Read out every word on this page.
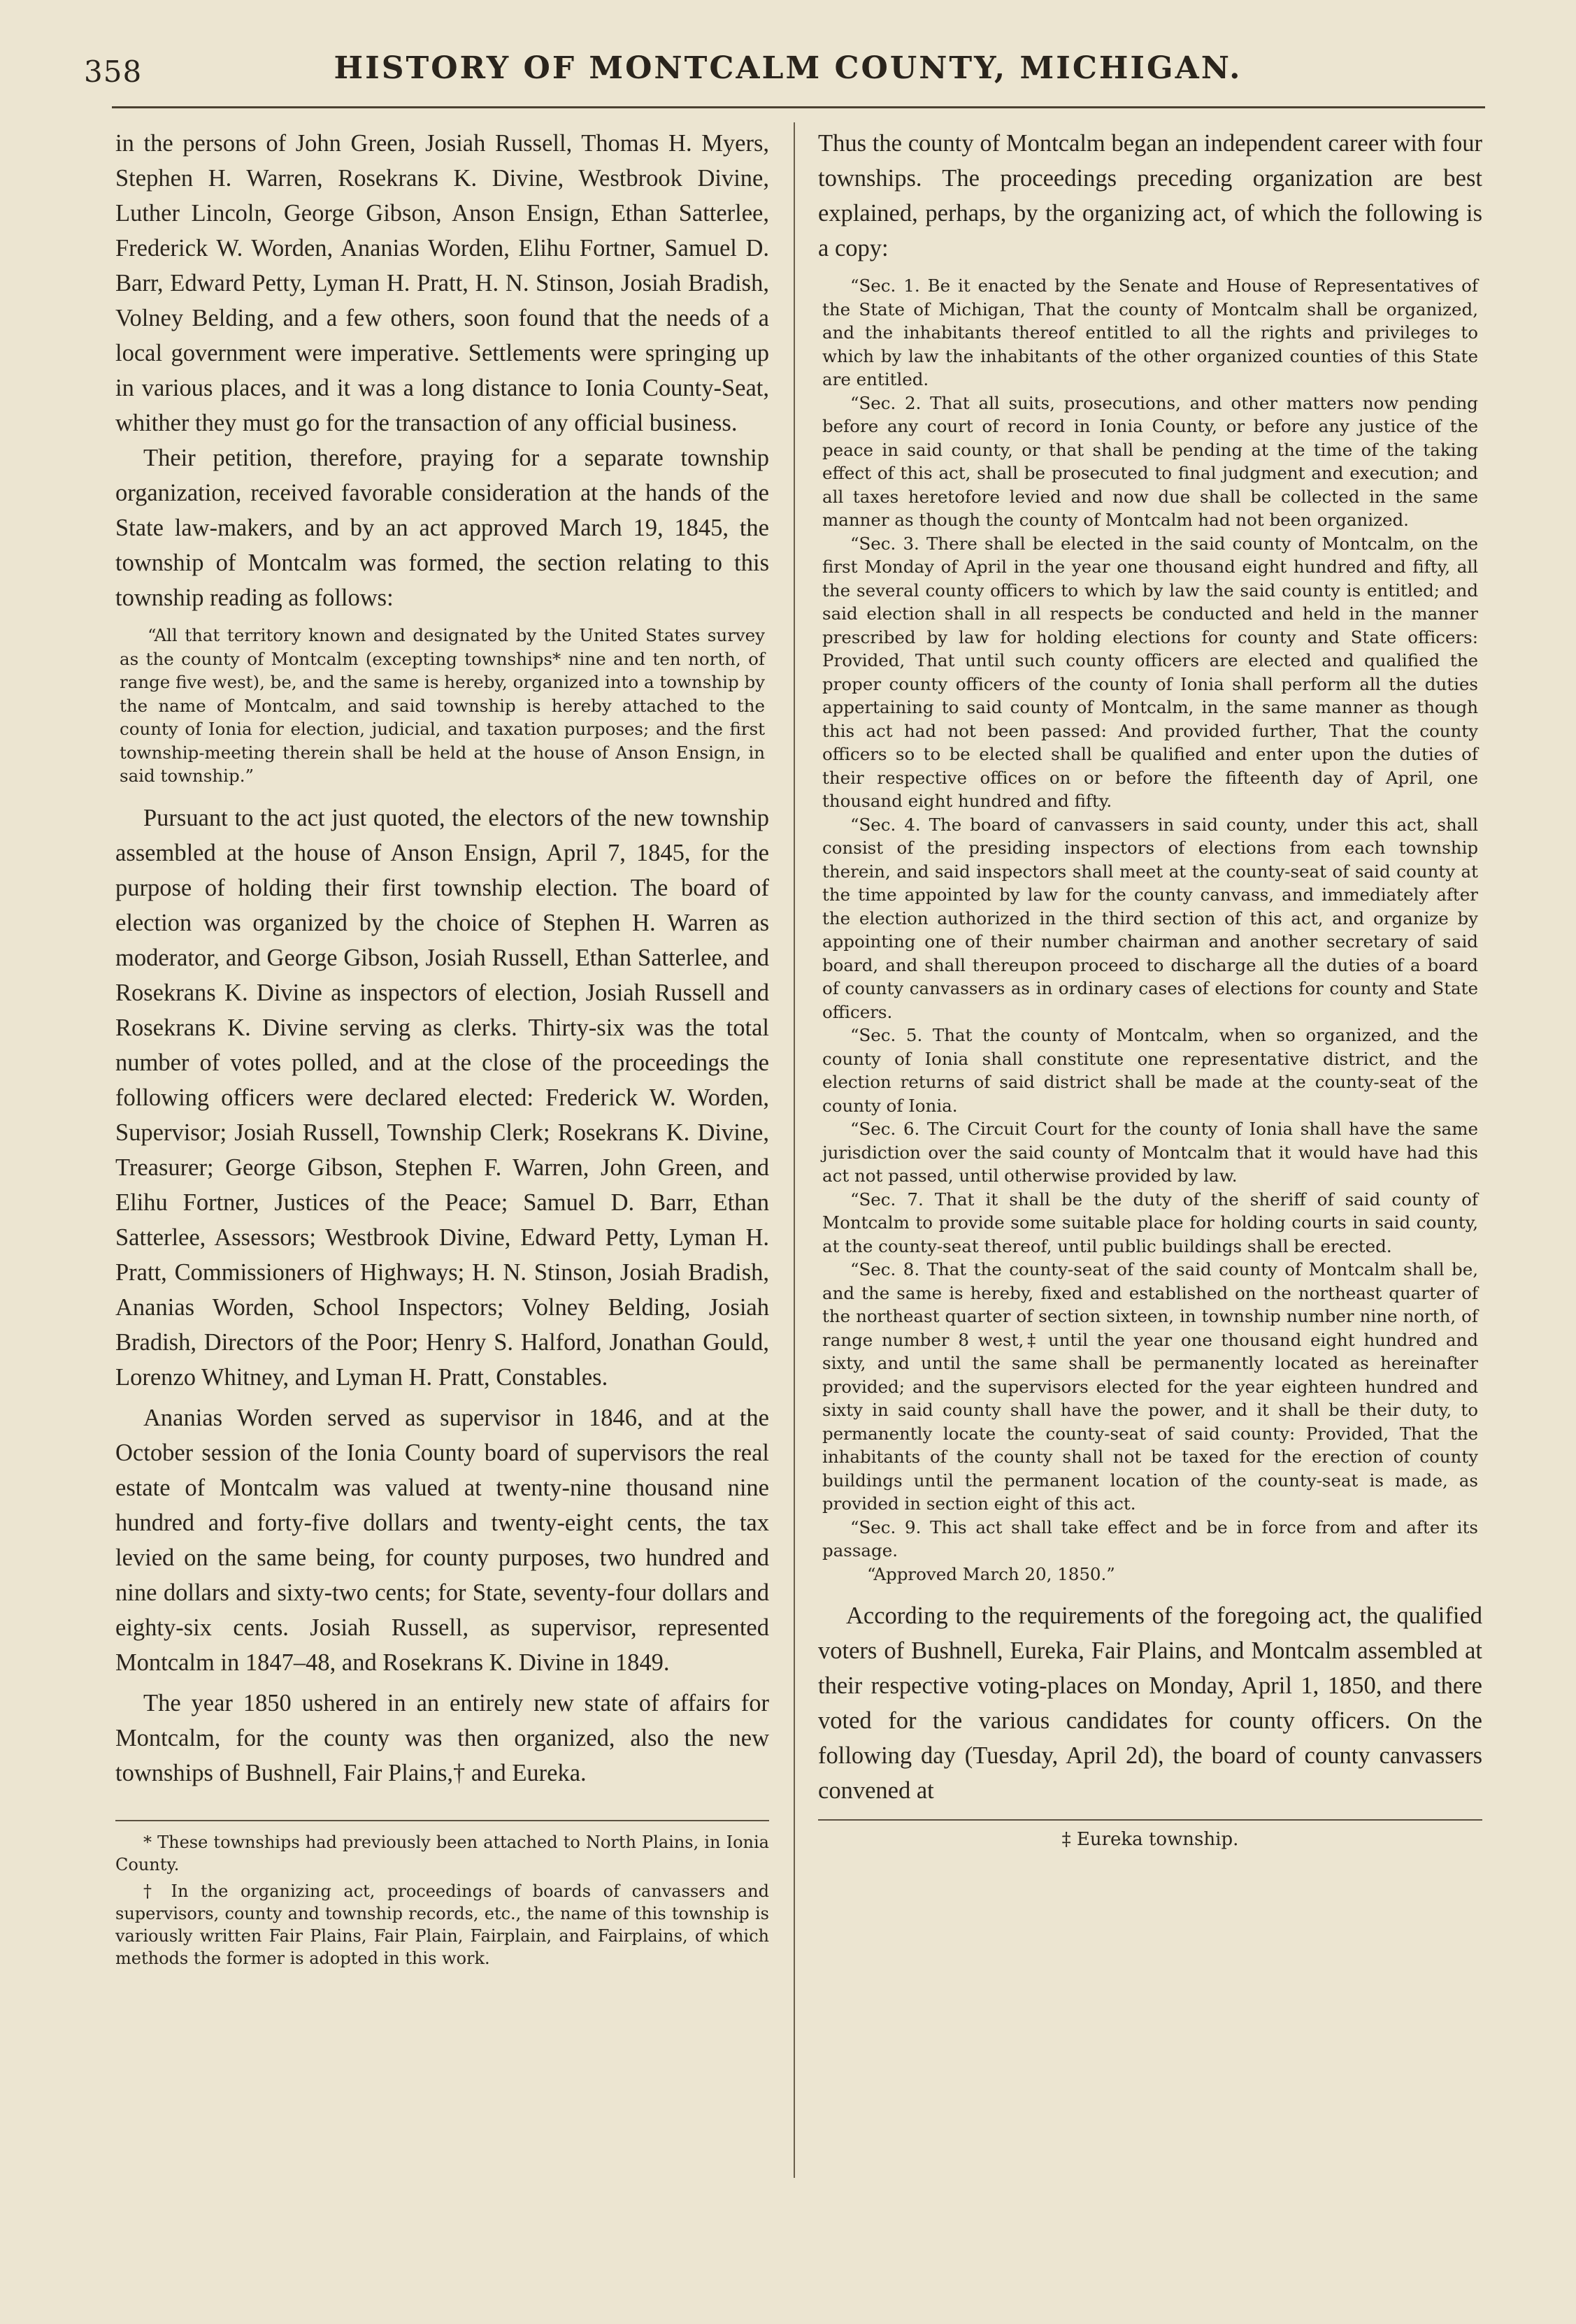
358	HISTORY OF MONTCALM COUNTY, MICHIGAN.

in the persons of John Green, Josiah Russell, Thomas H. Myers, Stephen H. Warren, Rosekrans K. Divine, Westbrook Divine, Luther Lincoln, George Gibson, Anson Ensign, Ethan Satterlee, Frederick W. Worden, Ananias Worden, Elihu Fortner, Samuel D. Barr, Edward Petty, Lyman H. Pratt, H. N. Stinson, Josiah Bradish, Volney Belding, and a few others, soon found that the needs of a local government were imperative. Settlements were springing up in various places, and it was a long distance to Ionia County-Seat, whither they must go for the transaction of any official business.

Their petition, therefore, praying for a separate township organization, received favorable consideration at the hands of the State law-makers, and by an act approved March 19, 1845, the township of Montcalm was formed, the section relating to this township reading as follows:

“All that territory known and designated by the United States survey as the county of Montcalm (excepting townships* nine and ten north, of range five west), be, and the same is hereby, organized into a township by the name of Montcalm, and said township is hereby attached to the county of Ionia for election, judicial, and taxation purposes; and the first township-meeting therein shall be held at the house of Anson Ensign, in said township.”

Pursuant to the act just quoted, the electors of the new township assembled at the house of Anson Ensign, April 7, 1845, for the purpose of holding their first township election. The board of election was organized by the choice of Stephen H. Warren as moderator, and George Gibson, Josiah Russell, Ethan Satterlee, and Rosekrans K. Divine as inspectors of election, Josiah Russell and Rosekrans K. Divine serving as clerks. Thirty-six was the total number of votes polled, and at the close of the proceedings the following officers were declared elected: Frederick W. Worden, Supervisor; Josiah Russell, Township Clerk; Rosekrans K. Divine, Treasurer; George Gibson, Stephen F. Warren, John Green, and Elihu Fortner, Justices of the Peace; Samuel D. Barr, Ethan Satterlee, Assessors; Westbrook Divine, Edward Petty, Lyman H. Pratt, Commissioners of Highways; H. N. Stinson, Josiah Bradish, Ananias Worden, School Inspectors; Volney Belding, Josiah Bradish, Directors of the Poor; Henry S. Halford, Jonathan Gould, Lorenzo Whitney, and Lyman H. Pratt, Constables.

Ananias Worden served as supervisor in 1846, and at the October session of the Ionia County board of supervisors the real estate of Montcalm was valued at twenty-nine thousand nine hundred and forty-five dollars and twenty-eight cents, the tax levied on the same being, for county purposes, two hundred and nine dollars and sixty-two cents; for State, seventy-four dollars and eighty-six cents. Josiah Russell, as supervisor, represented Montcalm in 1847–48, and Rosekrans K. Divine in 1849.

The year 1850 ushered in an entirely new state of affairs for Montcalm, for the county was then organized, also the new townships of Bushnell, Fair Plains,† and Eureka.

* These townships had previously been attached to North Plains, in Ionia County.

† In the organizing act, proceedings of boards of canvassers and supervisors, county and township records, etc., the name of this township is variously written Fair Plains, Fair Plain, Fairplain, and Fairplains, of which methods the former is adopted in this work.

Thus the county of Montcalm began an independent career with four townships. The proceedings preceding organization are best explained, perhaps, by the organizing act, of which the following is a copy:

“Sec. 1. Be it enacted by the Senate and House of Representatives of the State of Michigan, That the county of Montcalm shall be organized, and the inhabitants thereof entitled to all the rights and privileges to which by law the inhabitants of the other organized counties of this State are entitled.

“Sec. 2. That all suits, prosecutions, and other matters now pending before any court of record in Ionia County, or before any justice of the peace in said county, or that shall be pending at the time of the taking effect of this act, shall be prosecuted to final judgment and execution; and all taxes heretofore levied and now due shall be collected in the same manner as though the county of Montcalm had not been organized.

“Sec. 3. There shall be elected in the said county of Montcalm, on the first Monday of April in the year one thousand eight hundred and fifty, all the several county officers to which by law the said county is entitled; and said election shall in all respects be conducted and held in the manner prescribed by law for holding elections for county and State officers: Provided, That until such county officers are elected and qualified the proper county officers of the county of Ionia shall perform all the duties appertaining to said county of Montcalm, in the same manner as though this act had not been passed: And provided further, That the county officers so to be elected shall be qualified and enter upon the duties of their respective offices on or before the fifteenth day of April, one thousand eight hundred and fifty.

“Sec. 4. The board of canvassers in said county, under this act, shall consist of the presiding inspectors of elections from each township therein, and said inspectors shall meet at the county-seat of said county at the time appointed by law for the county canvass, and immediately after the election authorized in the third section of this act, and organize by appointing one of their number chairman and another secretary of said board, and shall thereupon proceed to discharge all the duties of a board of county canvassers as in ordinary cases of elections for county and State officers.

“Sec. 5. That the county of Montcalm, when so organized, and the county of Ionia shall constitute one representative district, and the election returns of said district shall be made at the county-seat of the county of Ionia.

“Sec. 6. The Circuit Court for the county of Ionia shall have the same jurisdiction over the said county of Montcalm that it would have had this act not passed, until otherwise provided by law.

“Sec. 7. That it shall be the duty of the sheriff of said county of Montcalm to provide some suitable place for holding courts in said county, at the county-seat thereof, until public buildings shall be erected.

“Sec. 8. That the county-seat of the said county of Montcalm shall be, and the same is hereby, fixed and established on the northeast quarter of the northeast quarter of section sixteen, in township number nine north, of range number 8 west,‡ until the year one thousand eight hundred and sixty, and until the same shall be permanently located as hereinafter provided; and the supervisors elected for the year eighteen hundred and sixty in said county shall have the power, and it shall be their duty, to permanently locate the county-seat of said county: Provided, That the inhabitants of the county shall not be taxed for the erection of county buildings until the permanent location of the county-seat is made, as provided in section eight of this act.

“Sec. 9. This act shall take effect and be in force from and after its passage.

“Approved March 20, 1850.”

According to the requirements of the foregoing act, the qualified voters of Bushnell, Eureka, Fair Plains, and Montcalm assembled at their respective voting-places on Monday, April 1, 1850, and there voted for the various candidates for county officers. On the following day (Tuesday, April 2d), the board of county canvassers convened at

‡ Eureka township.
